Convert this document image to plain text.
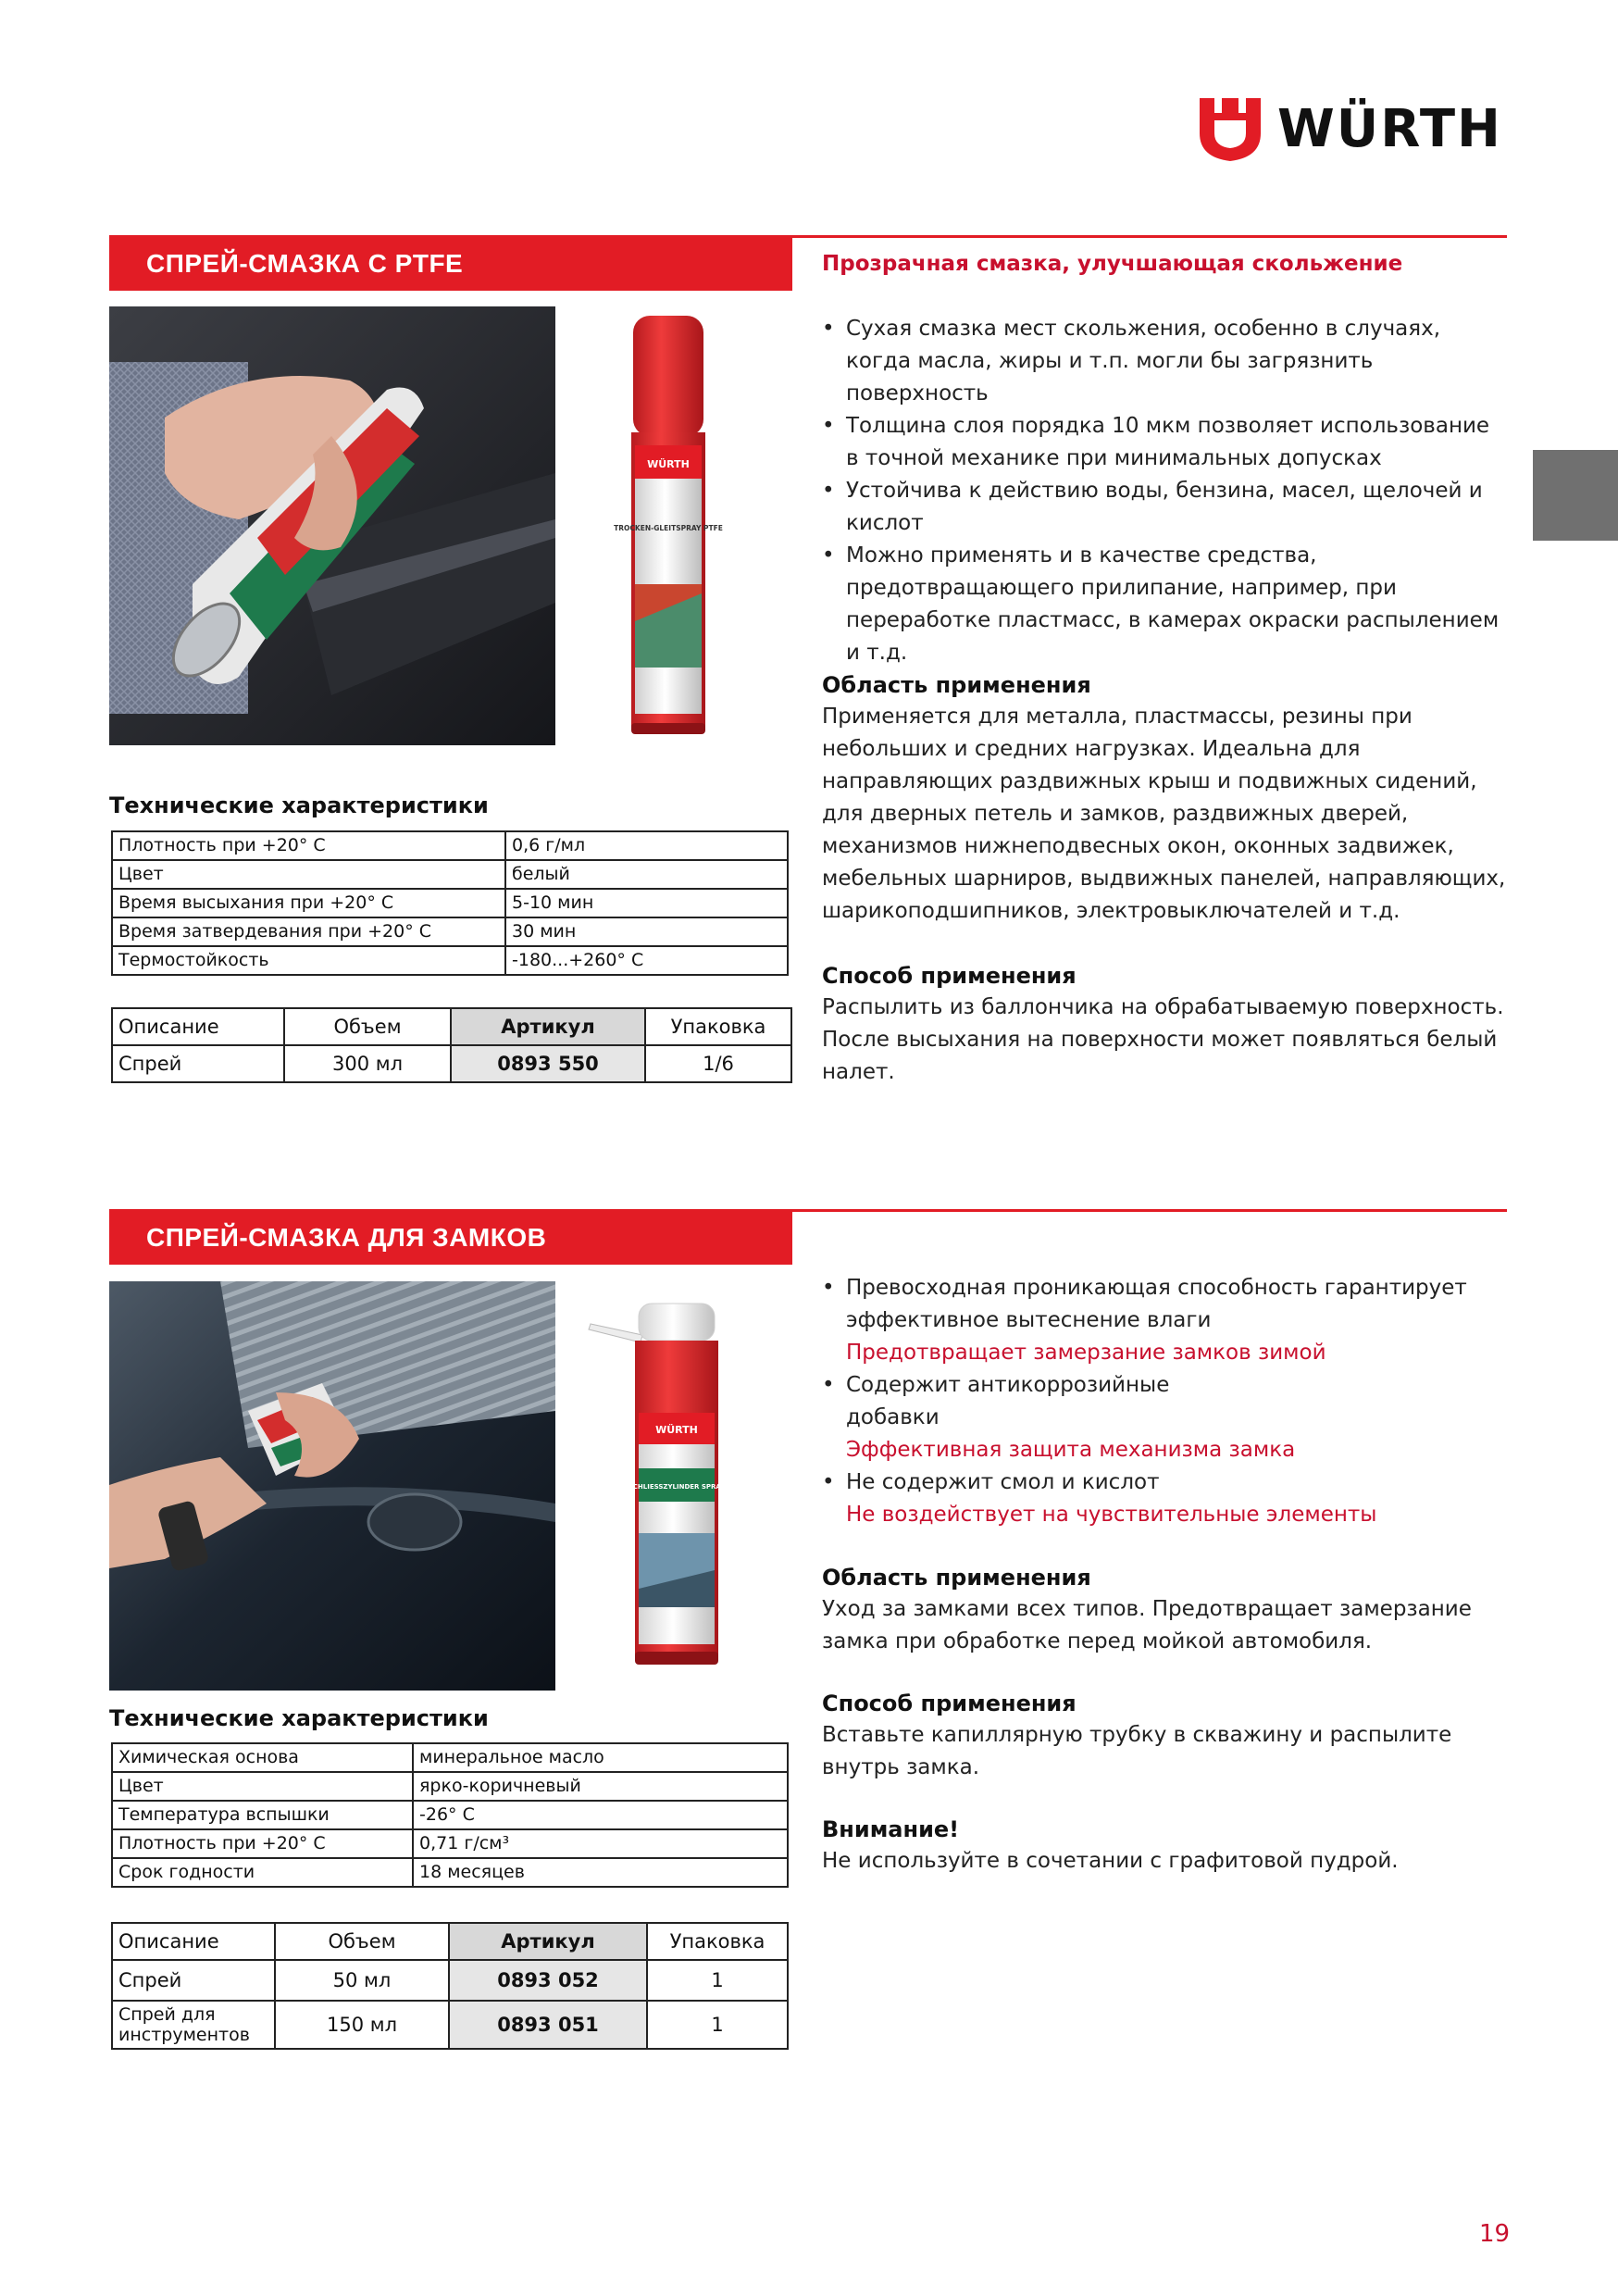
WÜRTH
СПРЕЙ-СМАЗКА С PTFE
WÜRTH
TROCKEN-GLEITSPRAY PTFE
Прозрачная смазка, улучшающая скольжение
• Сухая смазка мест скольжения, особенно в случаях, когда масла, жиры и т.п. могли бы загрязнить поверхность
• Толщина слоя порядка 10 мкм позволяет использование в точной механике при минимальных допусках
• Устойчива к действию воды, бензина, масел, щелочей и кислот
• Можно применять и в качестве средства, предотвращающего прилипание, например, при переработке пластмасс, в камерах окраски распылением и т.д.
Область применения
Применяется для металла, пластмассы, резины при небольших и средних нагрузках. Идеальна для направляющих раздвижных крыш и подвижных сидений, для дверных петель и замков, раздвижных дверей, механизмов нижнеподвесных окон, оконных задвижек, мебельных шарниров, выдвижных панелей, направляющих, шарикоподшипников, электровыключателей и т.д.
Способ применения
Распылить из баллончика на обрабатываемую поверхность. После высыхания на поверхности может появляться белый налет.
Технические характеристики
Плотность при +20° С	0,6 г/мл
Цвет	белый
Время высыхания при +20° С	5-10 мин
Время затвердевания при +20° С	30 мин
Термостойкость	-180...+260° С
Описание	Объем	Артикул	Упаковка
Спрей	300 мл	0893 550	1/6
СПРЕЙ-СМАЗКА ДЛЯ ЗАМКОВ
WÜRTH
SCHLIESSZYLINDER SPRAY
• Превосходная проникающая способность гарантирует эффективное вытеснение влаги
Предотвращает замерзание замков зимой
• Содержит антикоррозийные добавки
Эффективная защита механизма замка
• Не содержит смол и кислот
Не воздействует на чувствительные элементы
Область применения
Уход за замками всех типов. Предотвращает замерзание замка при обработке перед мойкой автомобиля.
Способ применения
Вставьте капиллярную трубку в скважину и распылите внутрь замка.
Внимание!
Не используйте в сочетании с графитовой пудрой.
Технические характеристики
Химическая основа	минеральное масло
Цвет	ярко-коричневый
Температура вспышки	-26° С
Плотность при +20° С	0,71 г/см³
Срок годности	18 месяцев
Описание	Объем	Артикул	Упаковка
Спрей	50 мл	0893 052	1
Спрей для инструментов	150 мл	0893 051	1
19
